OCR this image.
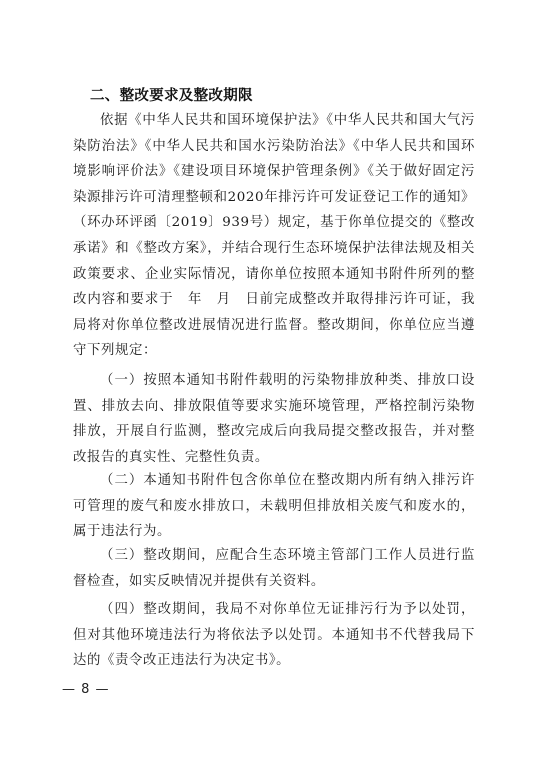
二、整改要求及整改期限

依据《中华人民共和国环境保护法》《中华人民共和国大气污染防治法》《中华人民共和国水污染防治法》《中华人民共和国环境影响评价法》《建设项目环境保护管理条例》《关于做好固定污染源排污许可清理整顿和2020年排污许可发证登记工作的通知》（环办环评函〔2019〕939号）规定，基于你单位提交的《整改承诺》和《整改方案》，并结合现行生态环境保护法律法规及相关政策要求、企业实际情况，请你单位按照本通知书附件所列的整改内容和要求于　年　月　日前完成整改并取得排污许可证，我局将对你单位整改进展情况进行监督。整改期间，你单位应当遵守下列规定：

（一）按照本通知书附件载明的污染物排放种类、排放口设置、排放去向、排放限值等要求实施环境管理，严格控制污染物排放，开展自行监测，整改完成后向我局提交整改报告，并对整改报告的真实性、完整性负责。

（二）本通知书附件包含你单位在整改期内所有纳入排污许可管理的废气和废水排放口，未载明但排放相关废气和废水的，属于违法行为。

（三）整改期间，应配合生态环境主管部门工作人员进行监督检查，如实反映情况并提供有关资料。

（四）整改期间，我局不对你单位无证排污行为予以处罚，但对其他环境违法行为将依法予以处罚。本通知书不代替我局下达的《责令改正违法行为决定书》。

— 8 —
